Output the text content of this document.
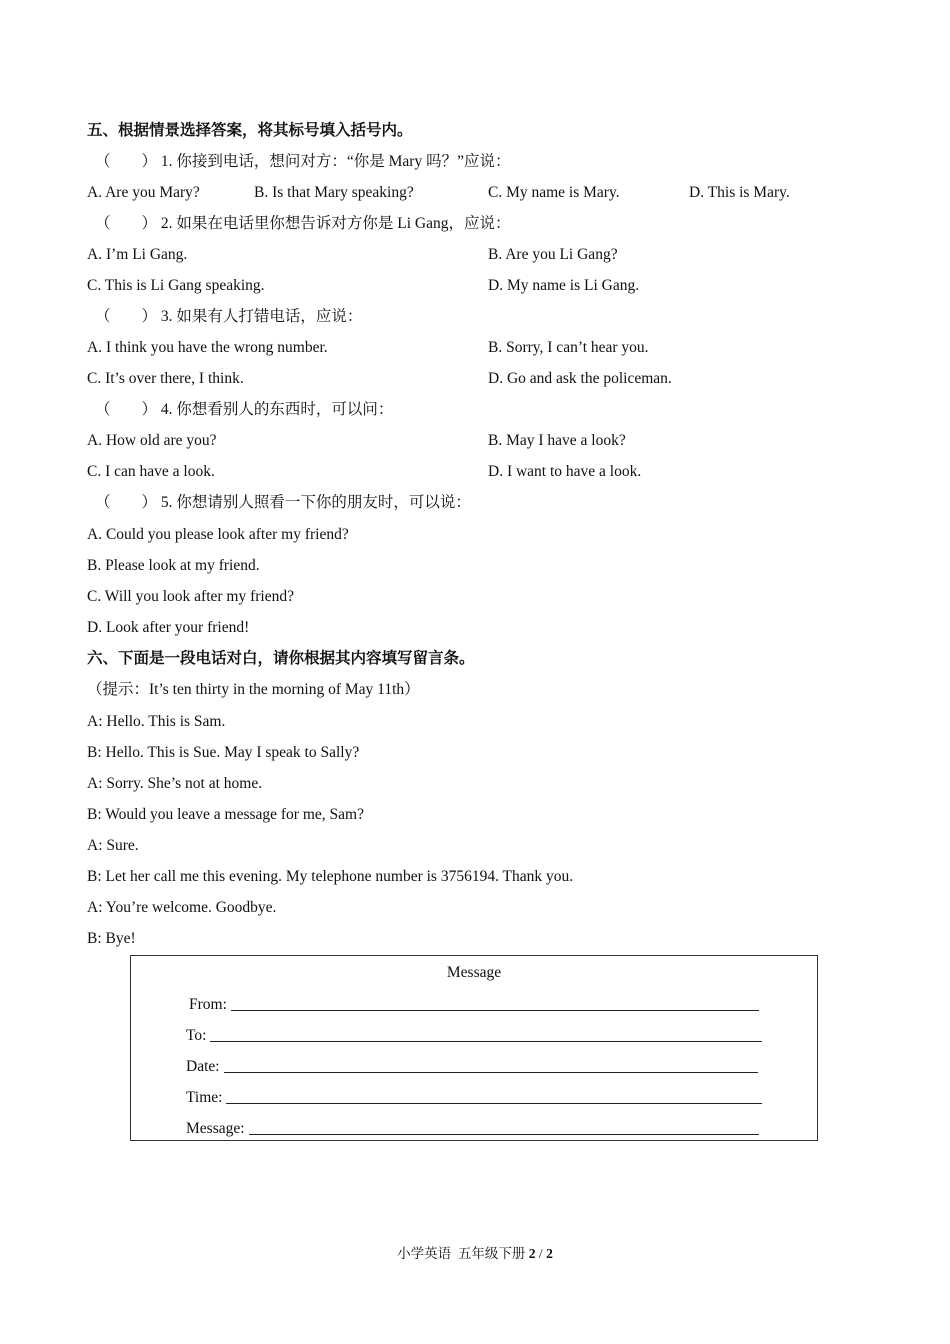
五、根据情景选择答案，将其标号填入括号内。
（　　） 1. 你接到电话，想问对方：“你是 Mary 吗？”应说：
A. Are you Mary?	B. Is that Mary speaking?	C. My name is Mary.	D. This is Mary.
（　　） 2. 如果在电话里你想告诉对方你是 Li Gang，应说：
A. I’m Li Gang.	B. Are you Li Gang?
C. This is Li Gang speaking.	D. My name is Li Gang.
（　　） 3. 如果有人打错电话，应说：
A. I think you have the wrong number.	B. Sorry, I can’t hear you.
C. It’s over there, I think.	D. Go and ask the policeman.
（　　） 4. 你想看别人的东西时，可以问：
A. How old are you?	B. May I have a look?
C. I can have a look.	D. I want to have a look.
（　　） 5. 你想请别人照看一下你的朋友时，可以说：
A. Could you please look after my friend?
B. Please look at my friend.
C. Will you look after my friend?
D. Look after your friend!
六、下面是一段电话对白，请你根据其内容填写留言条。
（提示：It’s ten thirty in the morning of May 11th）
A: Hello. This is Sam.
B: Hello. This is Sue. May I speak to Sally?
A: Sorry. She’s not at home.
B: Would you leave a message for me, Sam?
A: Sure.
B: Let her call me this evening. My telephone number is 3756194. Thank you.
A: You’re welcome. Goodbye.
B: Bye!
Message
From:
To:
Date:
Time:
Message:
小学英语 五年级下册 2 / 2
